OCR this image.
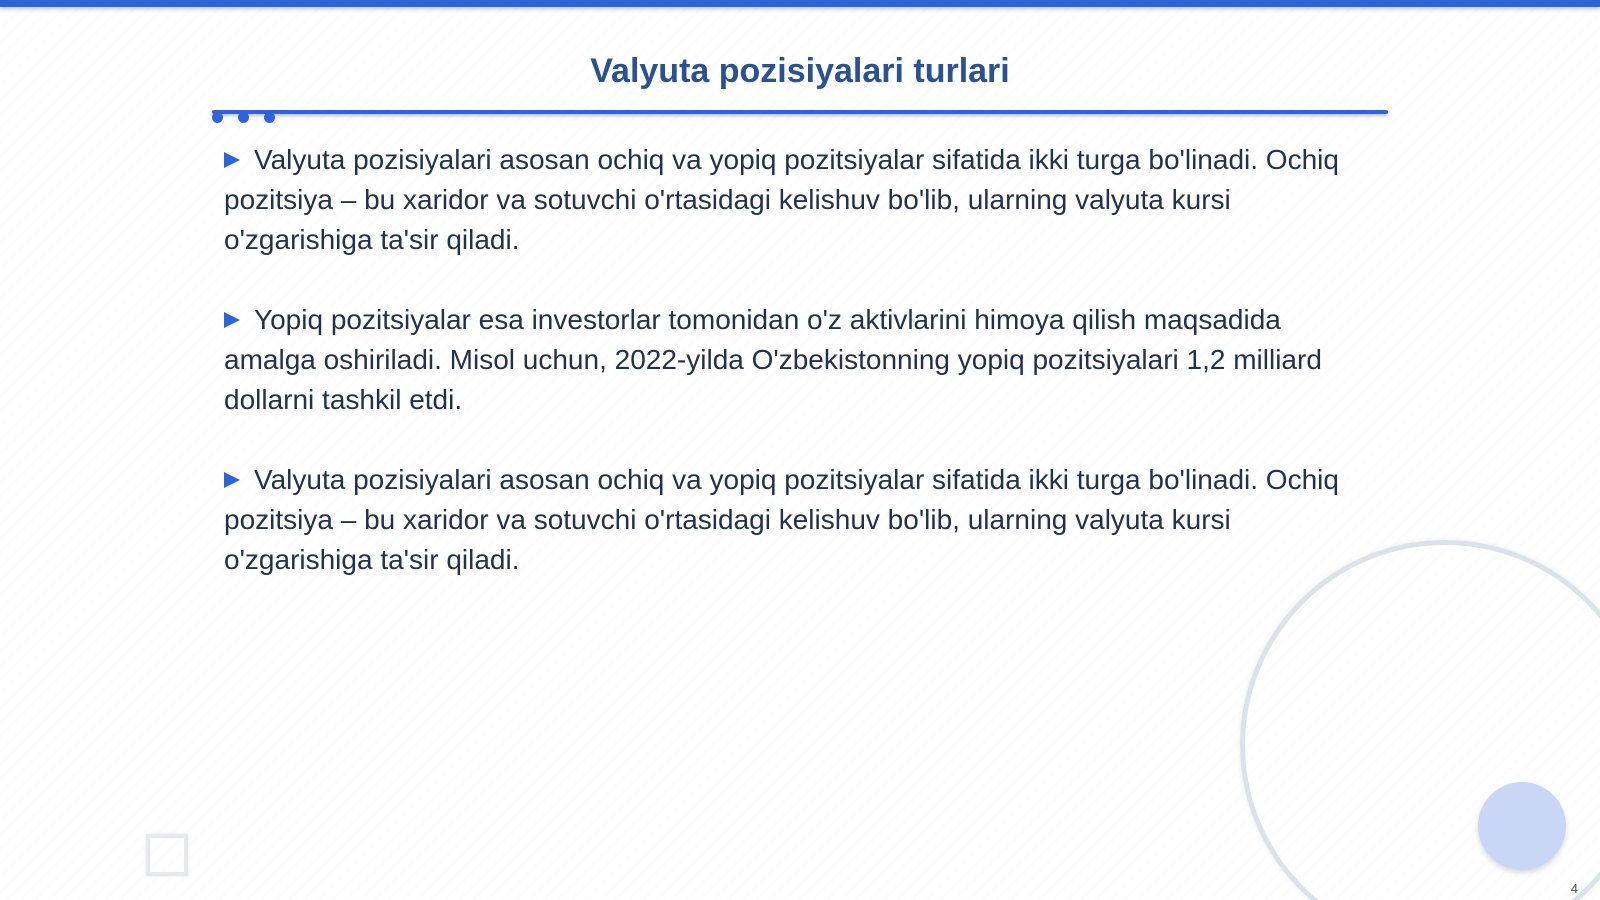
Valyuta pozisiyalari turlari

Valyuta pozisiyalari asosan ochiq va yopiq pozitsiyalar sifatida ikki turga bo'linadi. Ochiq pozitsiya – bu xaridor va sotuvchi o'rtasidagi kelishuv bo'lib, ularning valyuta kursi o'zgarishiga ta'sir qiladi.

Yopiq pozitsiyalar esa investorlar tomonidan o'z aktivlarini himoya qilish maqsadida amalga oshiriladi. Misol uchun, 2022-yilda O'zbekistonning yopiq pozitsiyalari 1,2 milliard dollarni tashkil etdi.

Valyuta pozisiyalari asosan ochiq va yopiq pozitsiyalar sifatida ikki turga bo'linadi. Ochiq pozitsiya – bu xaridor va sotuvchi o'rtasidagi kelishuv bo'lib, ularning valyuta kursi o'zgarishiga ta'sir qiladi.

4
